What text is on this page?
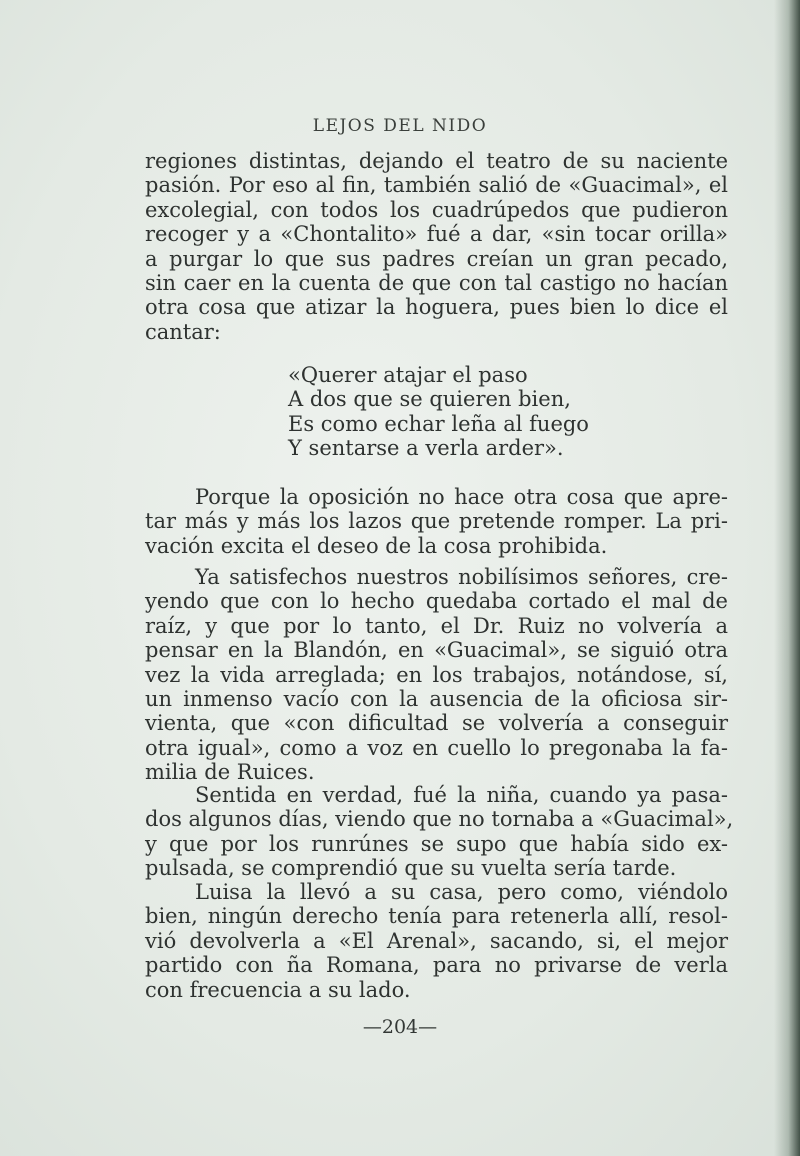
LEJOS DEL NIDO
regiones distintas, dejando el teatro de su naciente
pasión. Por eso al fin, también salió de «Guacimal», el
excolegial, con todos los cuadrúpedos que pudieron
recoger y a «Chontalito» fué a dar, «sin tocar orilla»
a purgar lo que sus padres creían un gran pecado,
sin caer en la cuenta de que con tal castigo no hacían
otra cosa que atizar la hoguera, pues bien lo dice el
cantar:
«Querer atajar el paso
A dos que se quieren bien,
Es como echar leña al fuego
Y sentarse a verla arder».
Porque la oposición no hace otra cosa que apre-
tar más y más los lazos que pretende romper. La pri-
vación excita el deseo de la cosa prohibida.
Ya satisfechos nuestros nobilísimos señores, cre-
yendo que con lo hecho quedaba cortado el mal de
raíz, y que por lo tanto, el Dr. Ruiz no volvería a
pensar en la Blandón, en «Guacimal», se siguió otra
vez la vida arreglada; en los trabajos, notándose, sí,
un inmenso vacío con la ausencia de la oficiosa sir-
vienta, que «con dificultad se volvería a conseguir
otra igual», como a voz en cuello lo pregonaba la fa-
milia de Ruices.
Sentida en verdad, fué la niña, cuando ya pasa-
dos algunos días, viendo que no tornaba a «Guacimal»,
y que por los runrúnes se supo que había sido ex-
pulsada, se comprendió que su vuelta sería tarde.
Luisa la llevó a su casa, pero como, viéndolo
bien, ningún derecho tenía para retenerla allí, resol-
vió devolverla a «El Arenal», sacando, si, el mejor
partido con ña Romana, para no privarse de verla
con frecuencia a su lado.
—204—
